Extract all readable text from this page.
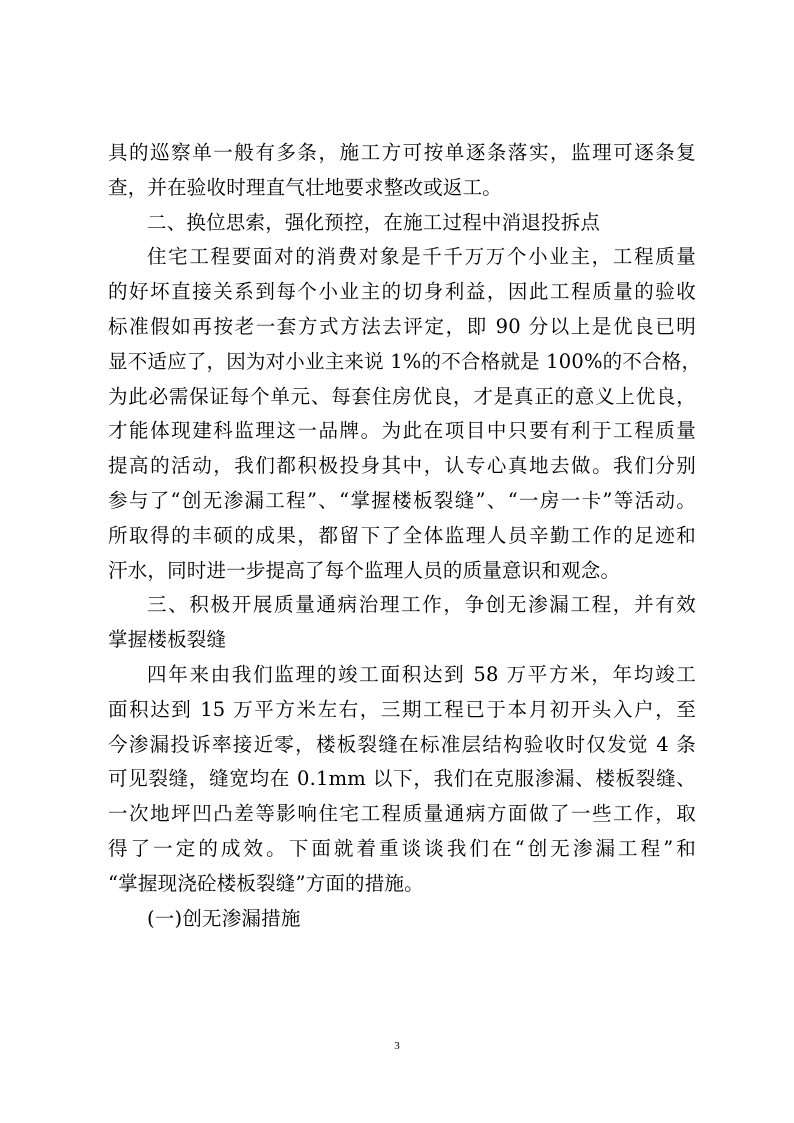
具的巡察单一般有多条，施工方可按单逐条落实，监理可逐条复
查，并在验收时理直气壮地要求整改或返工。
二、换位思索，强化预控，在施工过程中消退投拆点
住宅工程要面对的消费对象是千千万万个小业主，工程质量
的好坏直接关系到每个小业主的切身利益，因此工程质量的验收
标准假如再按老一套方式方法去评定，即 90 分以上是优良已明
显不适应了，因为对小业主来说 1%的不合格就是 100%的不合格，
为此必需保证每个单元、每套住房优良，才是真正的意义上优良，
才能体现建科监理这一品牌。为此在项目中只要有利于工程质量
提高的活动，我们都积极投身其中，认专心真地去做。我们分别
参与了“创无渗漏工程”、“掌握楼板裂缝”、“一房一卡”等活动。
所取得的丰硕的成果，都留下了全体监理人员辛勤工作的足迹和
汗水，同时进一步提高了每个监理人员的质量意识和观念。
三、积极开展质量通病治理工作，争创无渗漏工程，并有效
掌握楼板裂缝
四年来由我们监理的竣工面积达到 58 万平方米，年均竣工
面积达到 15 万平方米左右，三期工程已于本月初开头入户，至
今渗漏投诉率接近零，楼板裂缝在标准层结构验收时仅发觉 4 条
可见裂缝，缝宽均在 0.1mm 以下，我们在克服渗漏、楼板裂缝、
一次地坪凹凸差等影响住宅工程质量通病方面做了一些工作，取
得了一定的成效。下面就着重谈谈我们在“创无渗漏工程”和
“掌握现浇砼楼板裂缝”方面的措施。
(一)创无渗漏措施
3
